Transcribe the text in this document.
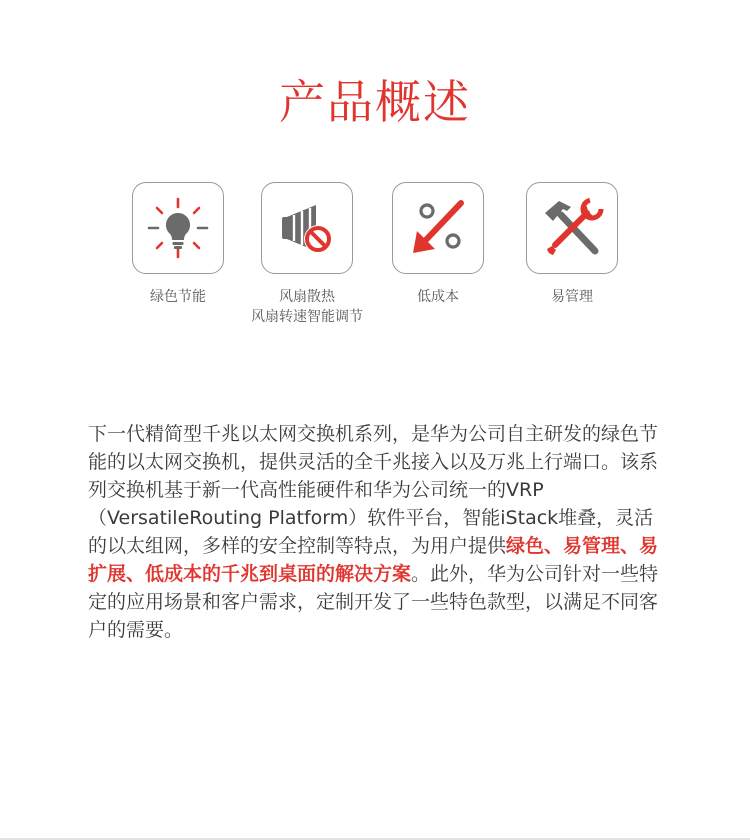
产品概述
绿色节能	风扇散热
风扇转速智能调节
低成本	易管理
下一代精简型千兆以太网交换机系列，是华为公司自主研发的绿色节能的以太网交换机，提供灵活的全千兆接入以及万兆上行端口。该系列交换机基于新一代高性能硬件和华为公司统一的VRP（VersatileRouting Platform）软件平台，智能iStack堆叠，灵活的以太组网，多样的安全控制等特点，为用户提供绿色、易管理、易扩展、低成本的千兆到桌面的解决方案。此外，华为公司针对一些特定的应用场景和客户需求，定制开发了一些特色款型，以满足不同客户的需要。
